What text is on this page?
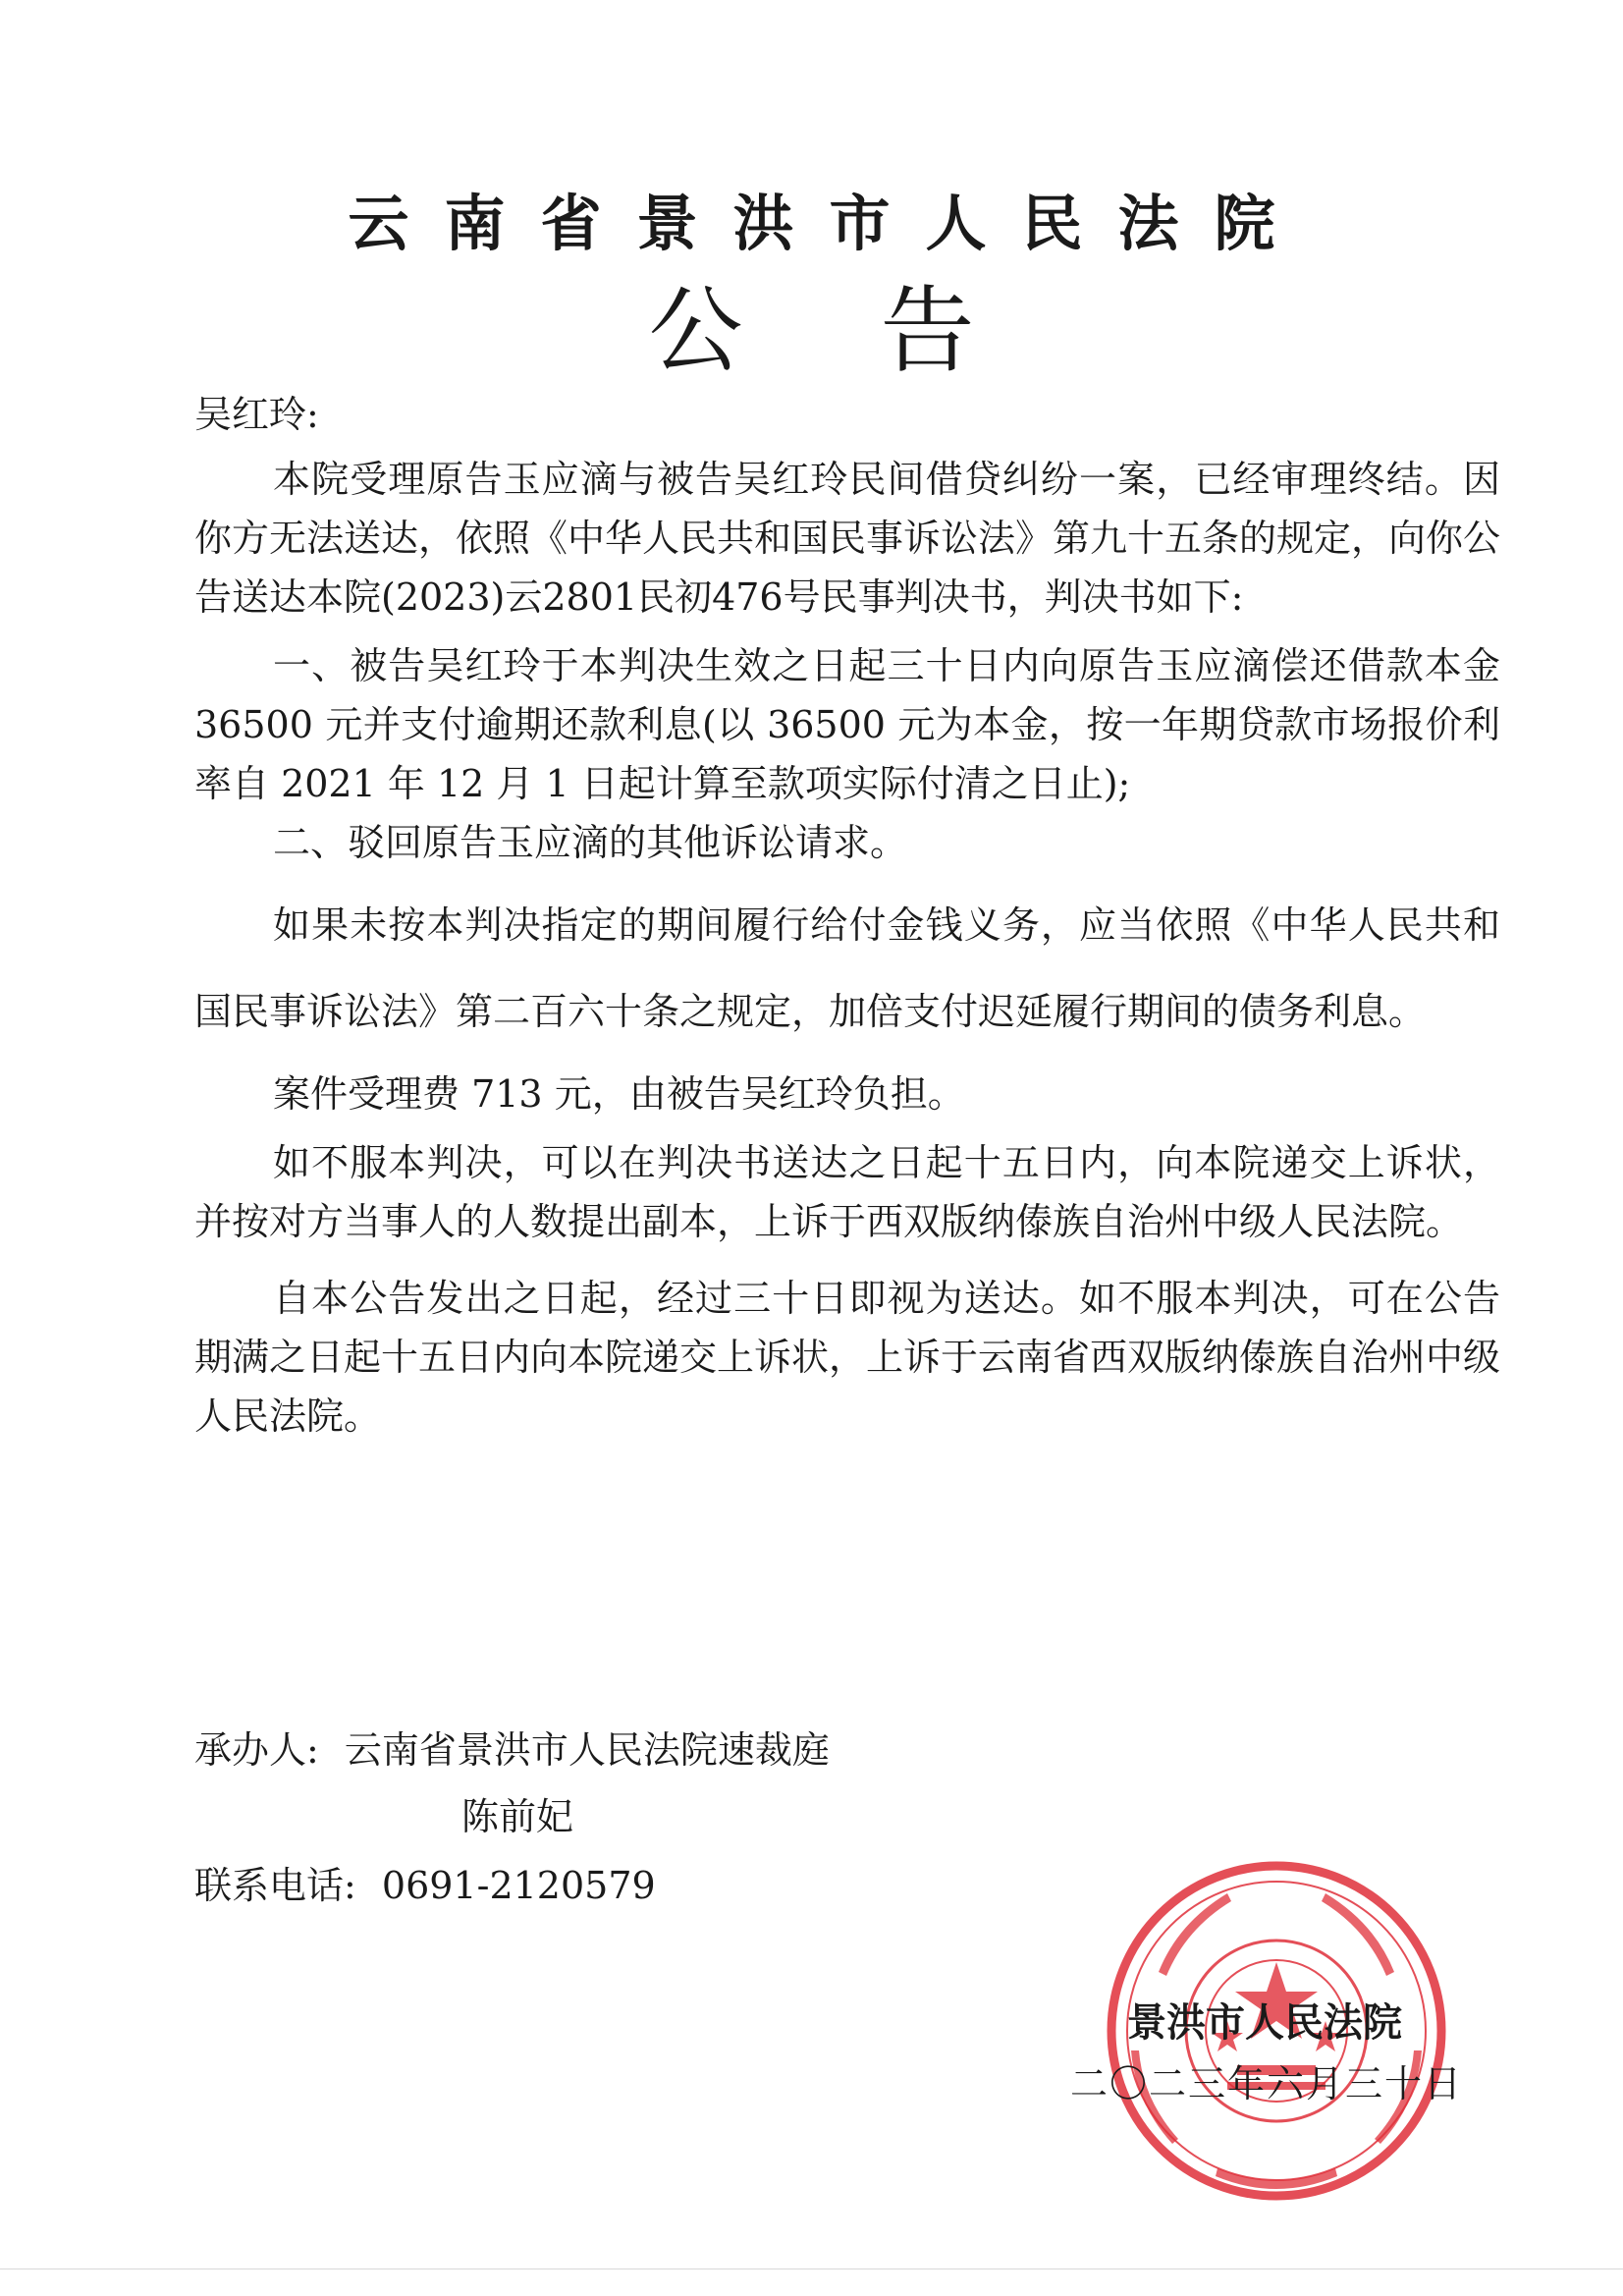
云南省景洪市人民法院
公告

吴红玲:

本院受理原告玉应滴与被告吴红玲民间借贷纠纷一案，已经审理终结。因你方无法送达，依照《中华人民共和国民事诉讼法》第九十五条的规定，向你公告送达本院(2023)云2801民初476号民事判决书，判决书如下:

一、被告吴红玲于本判决生效之日起三十日内向原告玉应滴偿还借款本金 36500 元并支付逾期还款利息(以 36500 元为本金，按一年期贷款市场报价利率自 2021 年 12 月 1 日起计算至款项实际付清之日止);

二、驳回原告玉应滴的其他诉讼请求。

如果未按本判决指定的期间履行给付金钱义务，应当依照《中华人民共和国民事诉讼法》第二百六十条之规定，加倍支付迟延履行期间的债务利息。

案件受理费 713 元，由被告吴红玲负担。

如不服本判决，可以在判决书送达之日起十五日内，向本院递交上诉状，并按对方当事人的人数提出副本，上诉于西双版纳傣族自治州中级人民法院。

自本公告发出之日起，经过三十日即视为送达。如不服本判决，可在公告期满之日起十五日内向本院递交上诉状，上诉于云南省西双版纳傣族自治州中级人民法院。

承办人: 云南省景洪市人民法院速裁庭
陈前妃
联系电话: 0691-2120579
景洪市人民法院
二〇二三年六月三十日
